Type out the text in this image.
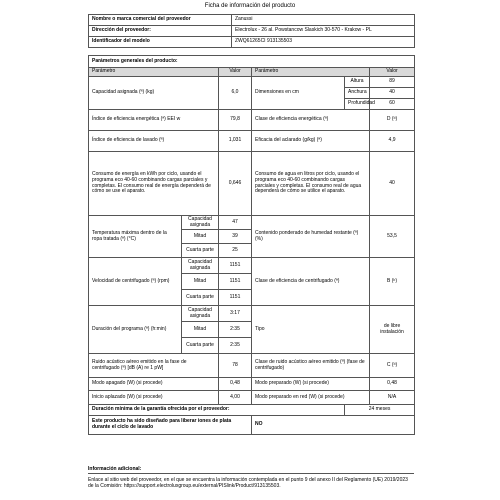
Ficha de información del producto
Nombre o marca comercial del proveedor	Zanussi
Dirección del proveedor:	Electrolux - 26 al. Powstancow Slaskich 30-570 - Krakow - PL
Identificador del modelo	ZWQ61265CI 913135503
Parámetros generales del producto:					
Parámetro		Valor	Parámetro		Valor
Capacidad asignada (ª) (kg)		6,0	Dimensiones en cm	Altura	89
				Anchura	40
				Profundidad	60
Índice de eficiencia energética (ª) EEI w		79,8	Clase de eficiencia energética (ª)		D (ᵇ)
Índice de eficiencia de lavado (ª)		1,031	Eficacia del aclarado (g/kg) (ª)		4,9
Consumo de energía en kWh por ciclo, usando el programa eco 40-60 combinando cargas parciales y completas. El consumo real de energía dependerá de cómo se use el aparato.		0,646	Consumo de agua en litros por ciclo, usando el programa eco 40-60 combinando cargas parciales y completas. El consumo real de agua dependerá de cómo se utilice el aparato.		40
Temperatura máxima dentro de la ropa tratada (ª) (°C)	Capacidad asignada	47	Contenido ponderado de humedad restante (ª) (%)		53,5
	Mitad	39			
	Cuarta parte	25			
Velocidad de centrifugado (ª) (rpm)	Capacidad asignada	1151	Clase de eficiencia de centrifugado (ª)		B (ᵇ)
	Mitad	1151			
	Cuarta parte	1151			
Duración del programa (ª) (h:min)	Capacidad asignada	3:17	Tipo		de libre instalación
	Mitad	2:35			
	Cuarta parte	2:35			
Ruido acústico aéreo emitido en la fase de centrifugado (ª) [dB (A) re 1 pW]		78	Clase de ruido acústico aéreo emitido (ª) (fase de centrifugado)		C (ᵇ)
Modo apagado (W) (si procede)		0,48	Modo preparado (W) (si procede)		0,48
Inicio aplazado (W) (si procede)		4,00	Modo preparado en red (W) (si procede)		N/A
Duración mínima de la garantía ofrecida por el proveedor:				24 meses	
Este producto ha sido diseñado para liberar iones de plata durante el ciclo de lavado			NO		
Información adicional:
Enlace al sitio web del proveedor, en el que se encuentra la información contemplada en el punto 9 del anexo II del Reglamento (UE) 2019/2023 de la Comisión: https://support.electroluxgroup.eu/external/PISlink/Product/913135503.
